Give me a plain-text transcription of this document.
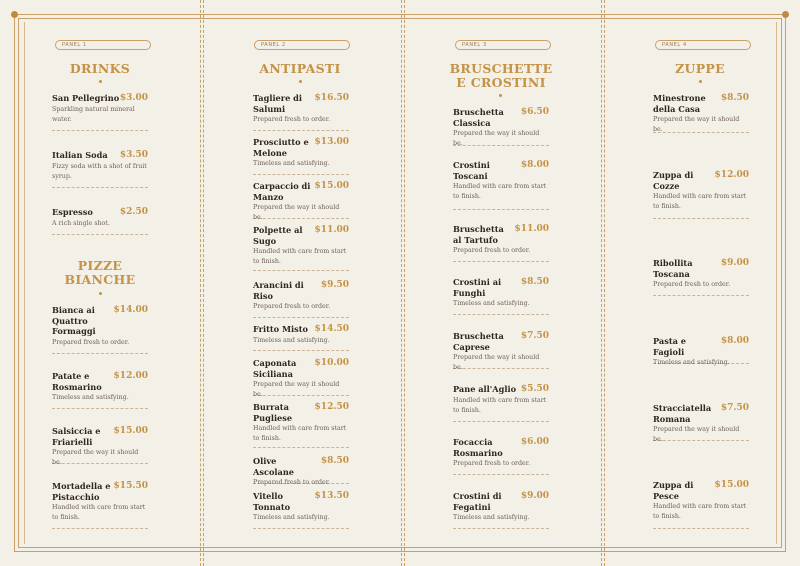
PANEL 1
DRINKS
San Pellegrino $3.00
Sparkling natural mineral water.
Italian Soda	$3.50
Fizzy soda with a shot of fruit syrup.
Espresso	$2.50
A rich single shot.
PIZZE BIANCHE
Bianca ai Quattro Formaggi
$14.00
Prepared fresh to order.
Patate e Rosmarino
$12.00
Timeless and satisfying.
Salsiccia e Friarielli
$15.00
Prepared the way it should be.
Mortadella e Pistacchio
$15.50
Handled with care from start to finish.
PANEL 2
ANTIPASTI
Tagliere di Salumi
$16.50
Prepared fresh to order.
Prosciutto e Melone
$13.00
Timeless and satisfying.
Carpaccio di Manzo
$15.00
Prepared the way it should be.
Polpette al Sugo
$11.00
Handled with care from start to finish.
Arancini di Riso
$9.50
Prepared fresh to order.
Fritto Misto $14.50
Timeless and satisfying.
Caponata Siciliana
$10.00
Prepared the way it should be.
Burrata Pugliese
$12.50
Handled with care from start to finish.
Olive Ascolane
$8.50
Prepared fresh to order.
Vitello Tonnato
$13.50
Timeless and satisfying.
PANEL 3
BRUSCHETTE E CROSTINI
Bruschetta Classica
$6.50
Prepared the way it should be.
Crostini Toscani
$8.00
Handled with care from start to finish.
Bruschetta al Tartufo
$11.00
Prepared fresh to order.
Crostini ai Funghi
$8.50
Timeless and satisfying.
Bruschetta Caprese
$7.50
Prepared the way it should be.
Pane all'Aglio $5.50
Handled with care from start to finish.
Focaccia Rosmarino
$6.00
Prepared fresh to order.
Crostini di Fegatini
$9.00
Timeless and satisfying.
PANEL 4
ZUPPE
Minestrone della Casa
$8.50
Prepared the way it should be.
Zuppa di Cozze
$12.00
Handled with care from start to finish.
Ribollita Toscana
$9.00
Prepared fresh to order.
Pasta e Fagioli
$8.00
Timeless and satisfying.
Stracciatella Romana
$7.50
Prepared the way it should be.
Zuppa di Pesce
$15.00
Handled with care from start to finish.
